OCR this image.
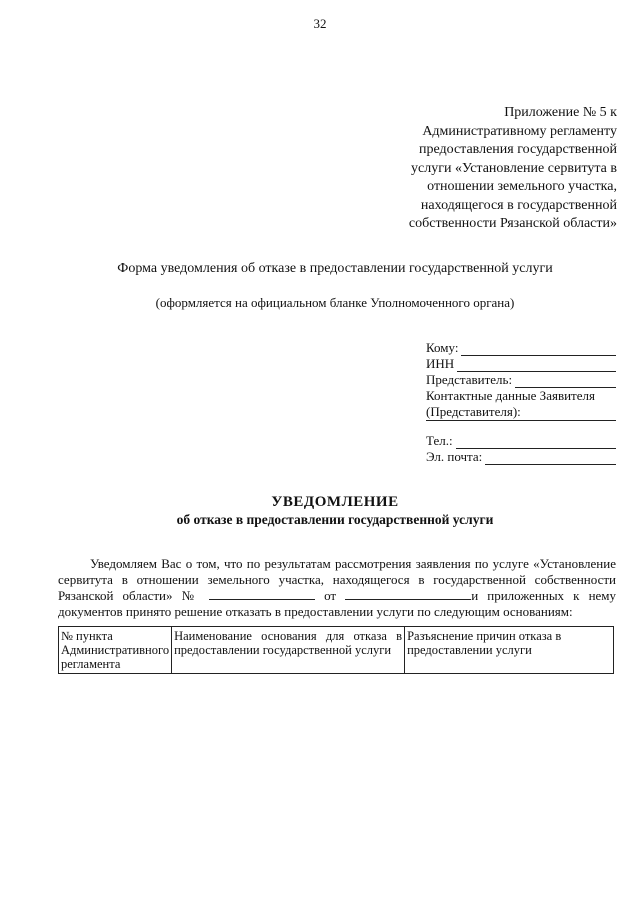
32
Приложение № 5 к
Административному регламенту
предоставления государственной
услуги «Установление сервитута в
отношении земельного участка,
находящегося в государственной
собственности Рязанской области»
Форма уведомления об отказе в предоставлении государственной услуги
(оформляется на официальном бланке Уполномоченного органа)
Кому:
ИНН
Представитель:
Контактные данные Заявителя
(Представителя):
Тел.:
Эл. почта:
УВЕДОМЛЕНИЕ
об отказе в предоставлении государственной услуги

Уведомляем Вас о том, что по результатам рассмотрения заявления по услуге «Установление сервитута в отношении земельного участка, находящегося в государственной собственности Рязанской области» №	от	и приложенных к нему документов принято решение отказать в предоставлении услуги по следующим основаниям:

№ пункта Административного регламента	Наименование основания для отказа в предоставлении государственной услуги	Разъяснение причин отказа в предоставлении услуги
